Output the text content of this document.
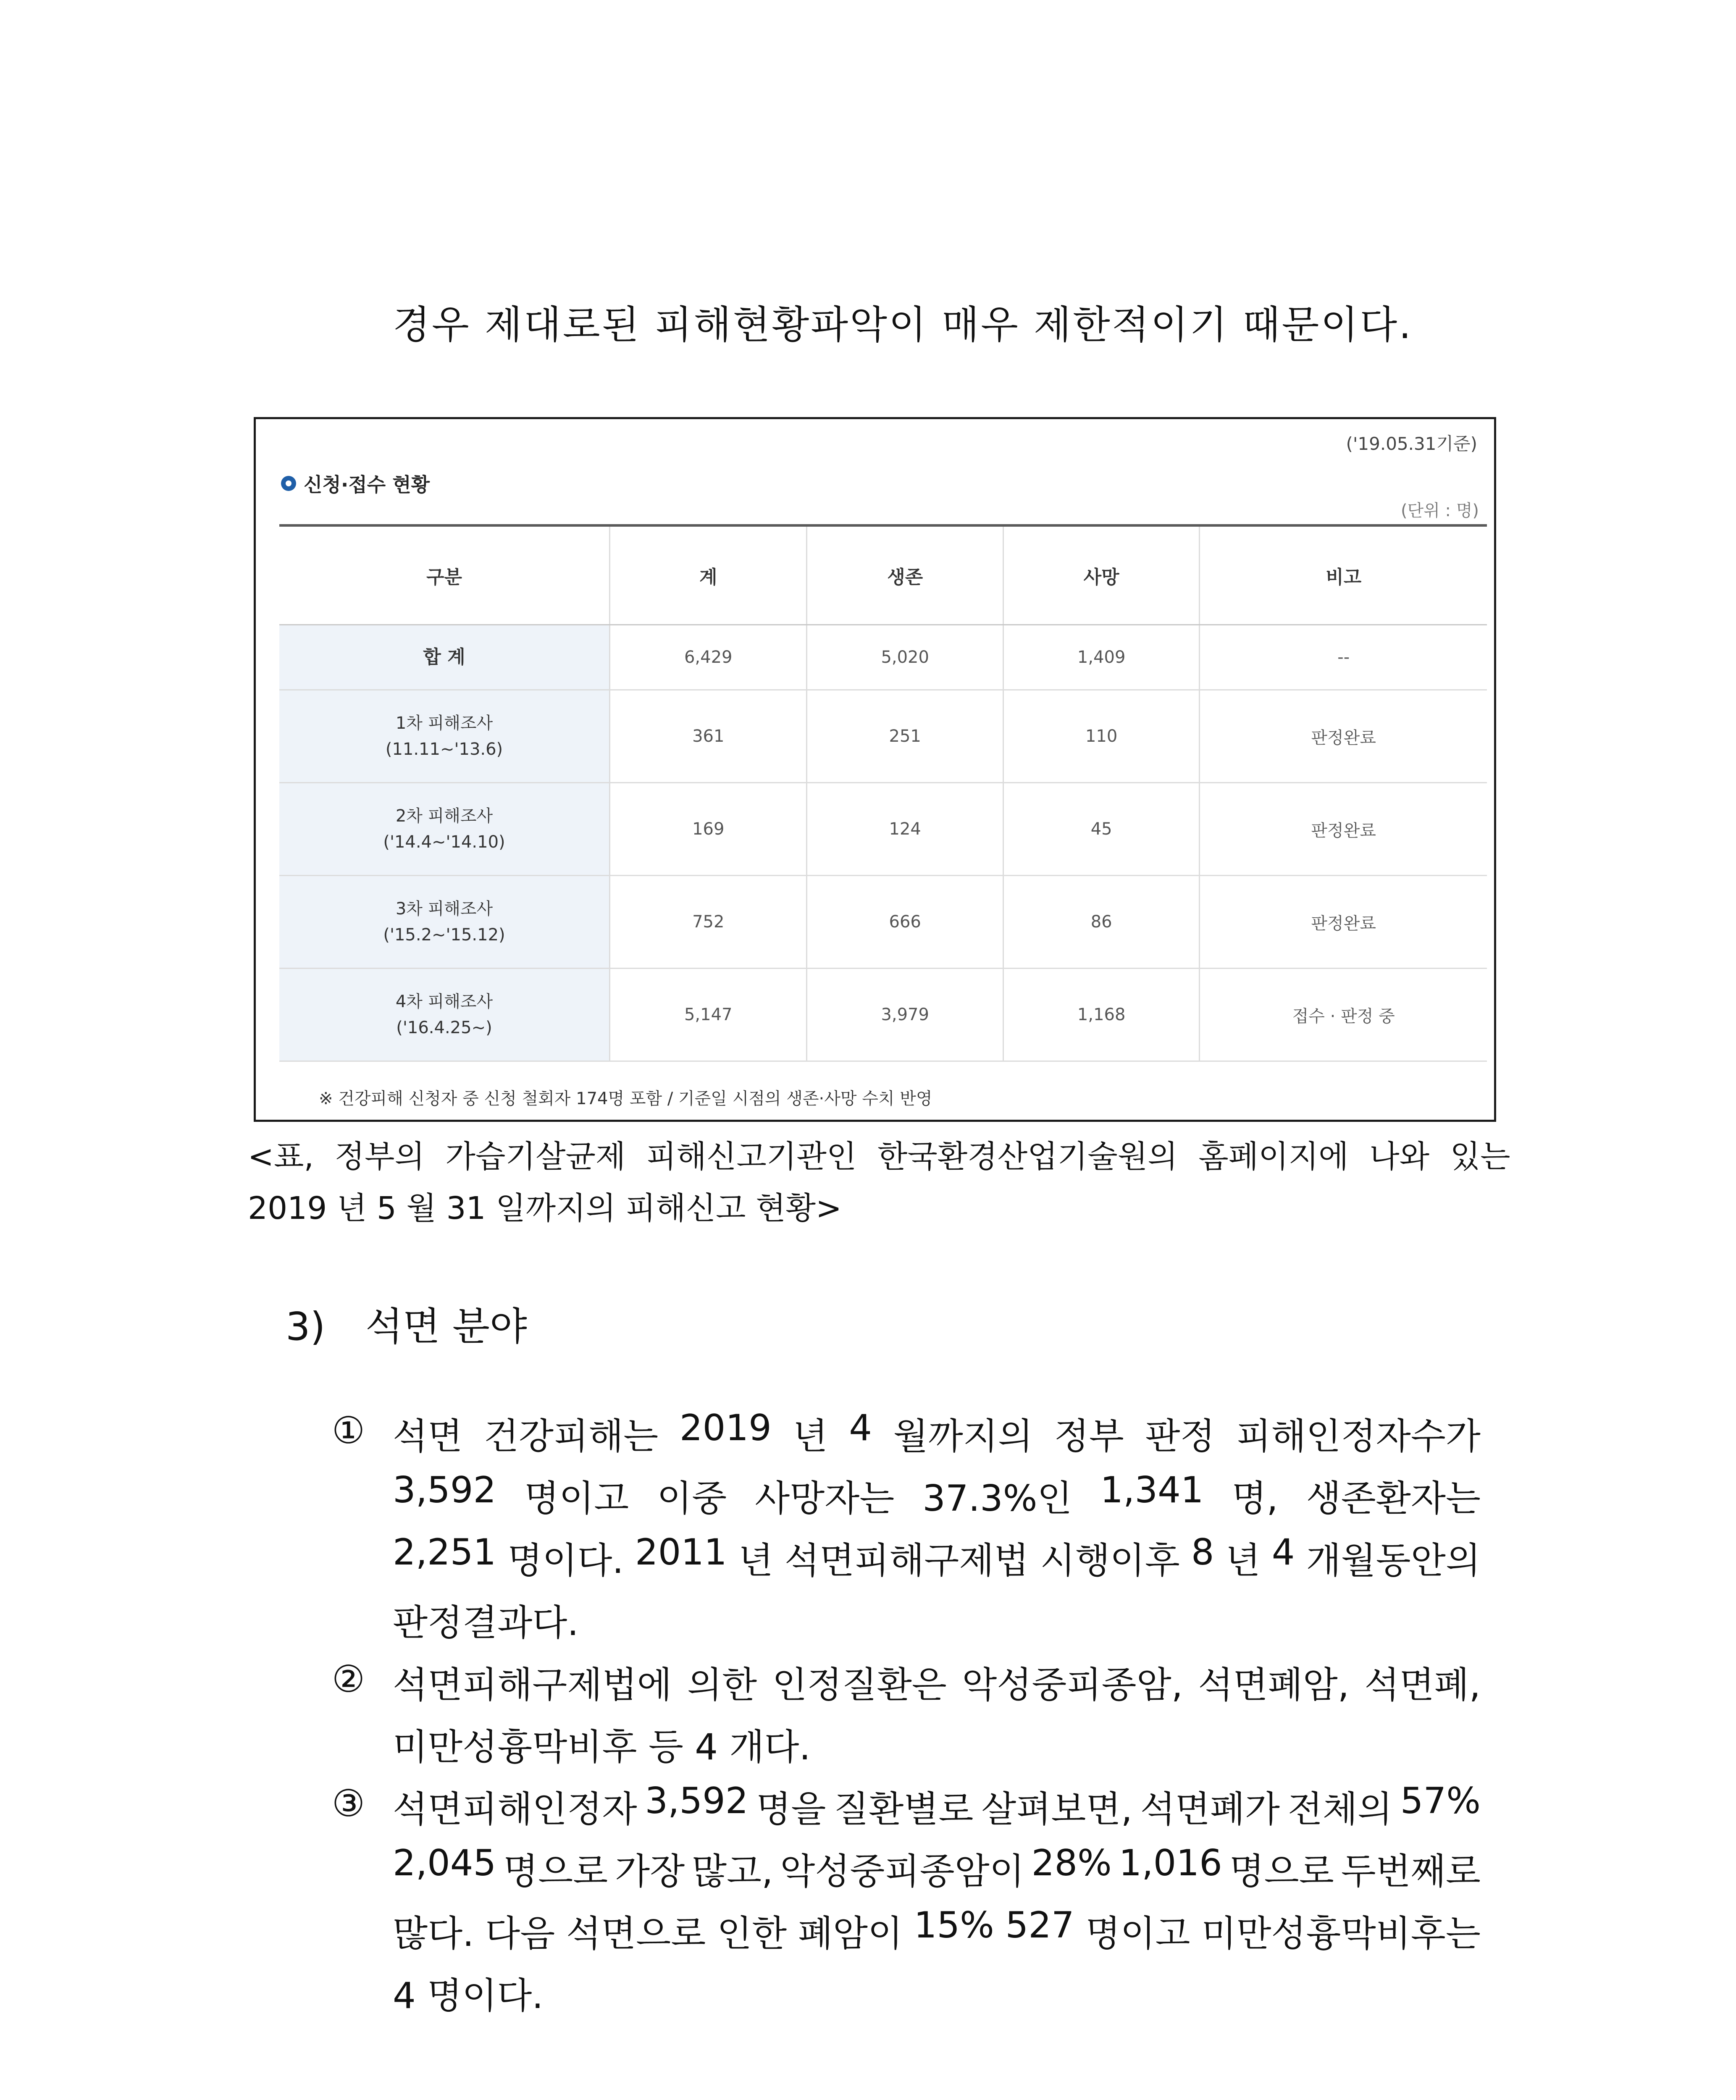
경우 제대로된 피해현황파악이 매우 제한적이기 때문이다.
('19.05.31기준)
신청·접수 현황
(단위 : 명)
구분	계	생존	사망	비고

합 계	6,429	5,020	1,409	--

1차 피해조사
(11.11~'13.6)	361	251	110	판정완료

2차 피해조사
('14.4~'14.10)	169	124	45	판정완료

3차 피해조사
('15.2~'15.12)	752	666	86	판정완료

4차 피해조사
('16.4.25~)	5,147	3,979	1,168	접수 · 판정 중
※ 건강피해 신청자 중 신청 철회자 174명 포함 / 기준일 시점의 생존·사망 수치 반영
<표, 정부의 가습기살균제 피해신고기관인 한국환경산업기술원의 홈페이지에 나와 있는
2019 년 5 월 31 일까지의 피해신고 현황>
3) 석면 분야
① 석면 건강피해는 2019 년 4 월까지의 정부 판정 피해인정자수가
3,592 명이고 이중 사망자는 37.3%인 1,341 명, 생존환자는
2,251 명이다. 2011 년 석면피해구제법 시행이후 8 년 4 개월동안의
판정결과다.
② 석면피해구제법에 의한 인정질환은 악성중피종암, 석면폐암, 석면폐,
미만성흉막비후 등 4 개다.
③ 석면피해인정자 3,592 명을 질환별로 살펴보면, 석면폐가 전체의 57%
2,045 명으로 가장 많고, 악성중피종암이 28% 1,016 명으로 두번째로
많다. 다음 석면으로 인한 폐암이 15% 527 명이고 미만성흉막비후는
4 명이다.
